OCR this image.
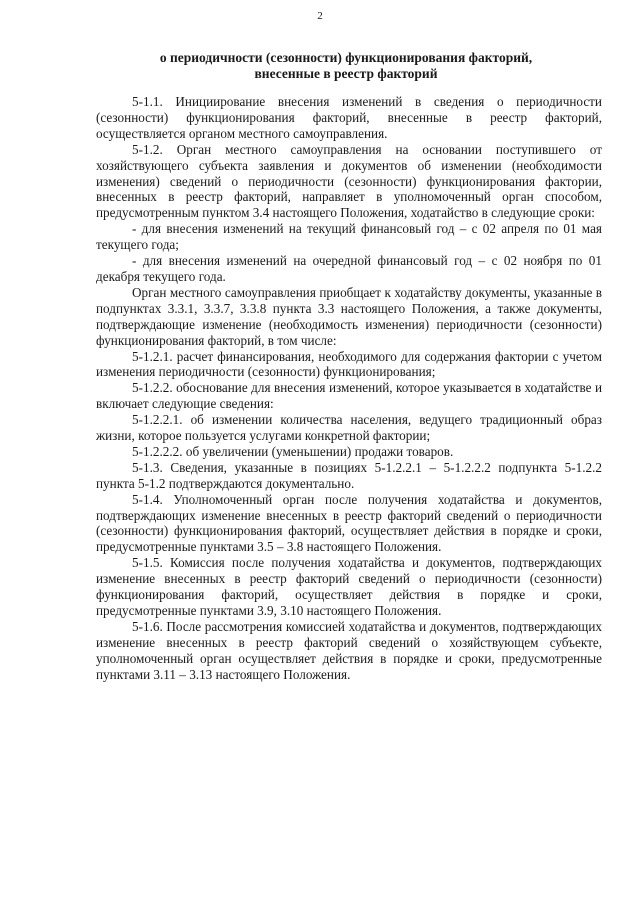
2
о периодичности (сезонности) функционирования факторий,
внесенные в реестр факторий

5-1.1. Инициирование внесения изменений в сведения о периодичности (сезонности) функционирования факторий, внесенные в реестр факторий, осуществляется органом местного самоуправления.

5-1.2. Орган местного самоуправления на основании поступившего от хозяйствующего субъекта заявления и документов об изменении (необходимости изменения) сведений о периодичности (сезонности) функционирования фактории, внесенных в реестр факторий, направляет в уполномоченный орган способом, предусмотренным пунктом 3.4 настоящего Положения, ходатайство в следующие сроки:

- для внесения изменений на текущий финансовый год – с 02 апреля по 01 мая текущего года;

- для внесения изменений на очередной финансовый год – с 02 ноября по 01 декабря текущего года.

Орган местного самоуправления приобщает к ходатайству документы, указанные в подпунктах 3.3.1, 3.3.7, 3.3.8 пункта 3.3 настоящего Положения, а также документы, подтверждающие изменение (необходимость изменения) периодичности (сезонности) функционирования факторий, в том числе:

5-1.2.1. расчет финансирования, необходимого для содержания фактории с учетом изменения периодичности (сезонности) функционирования;

5-1.2.2. обоснование для внесения изменений, которое указывается в ходатайстве и включает следующие сведения:

5-1.2.2.1. об изменении количества населения, ведущего традиционный образ жизни, которое пользуется услугами конкретной фактории;

5-1.2.2.2. об увеличении (уменьшении) продажи товаров.

5-1.3. Сведения, указанные в позициях 5-1.2.2.1 – 5-1.2.2.2 подпункта 5-1.2.2 пункта 5-1.2 подтверждаются документально.

5-1.4. Уполномоченный орган после получения ходатайства и документов, подтверждающих изменение внесенных в реестр факторий сведений о периодичности (сезонности) функционирования факторий, осуществляет действия в порядке и сроки, предусмотренные пунктами 3.5 – 3.8 настоящего Положения.

5-1.5. Комиссия после получения ходатайства и документов, подтверждающих изменение внесенных в реестр факторий сведений о периодичности (сезонности) функционирования факторий, осуществляет действия в порядке и сроки, предусмотренные пунктами 3.9, 3.10 настоящего Положения.

5-1.6. После рассмотрения комиссией ходатайства и документов, подтверждающих изменение внесенных в реестр факторий сведений о хозяйствующем субъекте, уполномоченный орган осуществляет действия в порядке и сроки, предусмотренные пунктами 3.11 – 3.13 настоящего Положения.
